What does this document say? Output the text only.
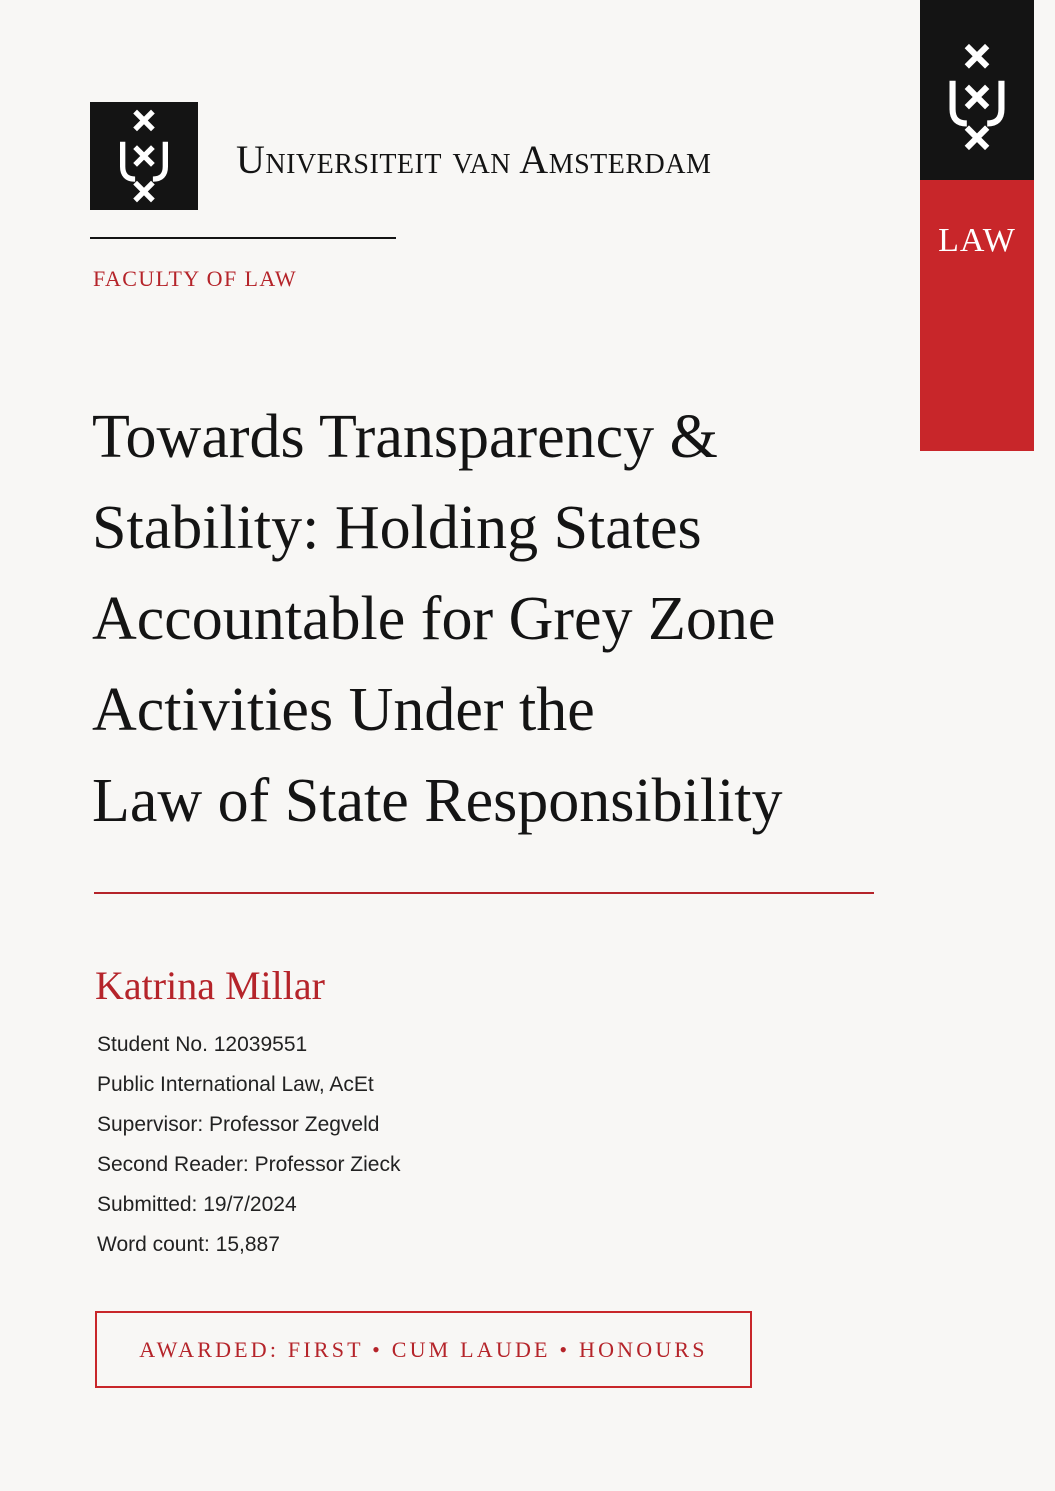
LAW
Universiteit van Amsterdam
FACULTY OF LAW
Towards Transparency &
Stability: Holding States
Accountable for Grey Zone
Activities Under the
Law of State Responsibility
Katrina Millar
Student No. 12039551
Public International Law, AcEt
Supervisor: Professor Zegveld
Second Reader: Professor Zieck
Submitted: 19/7/2024
Word count: 15,887
AWARDED: FIRST • CUM LAUDE • HONOURS
